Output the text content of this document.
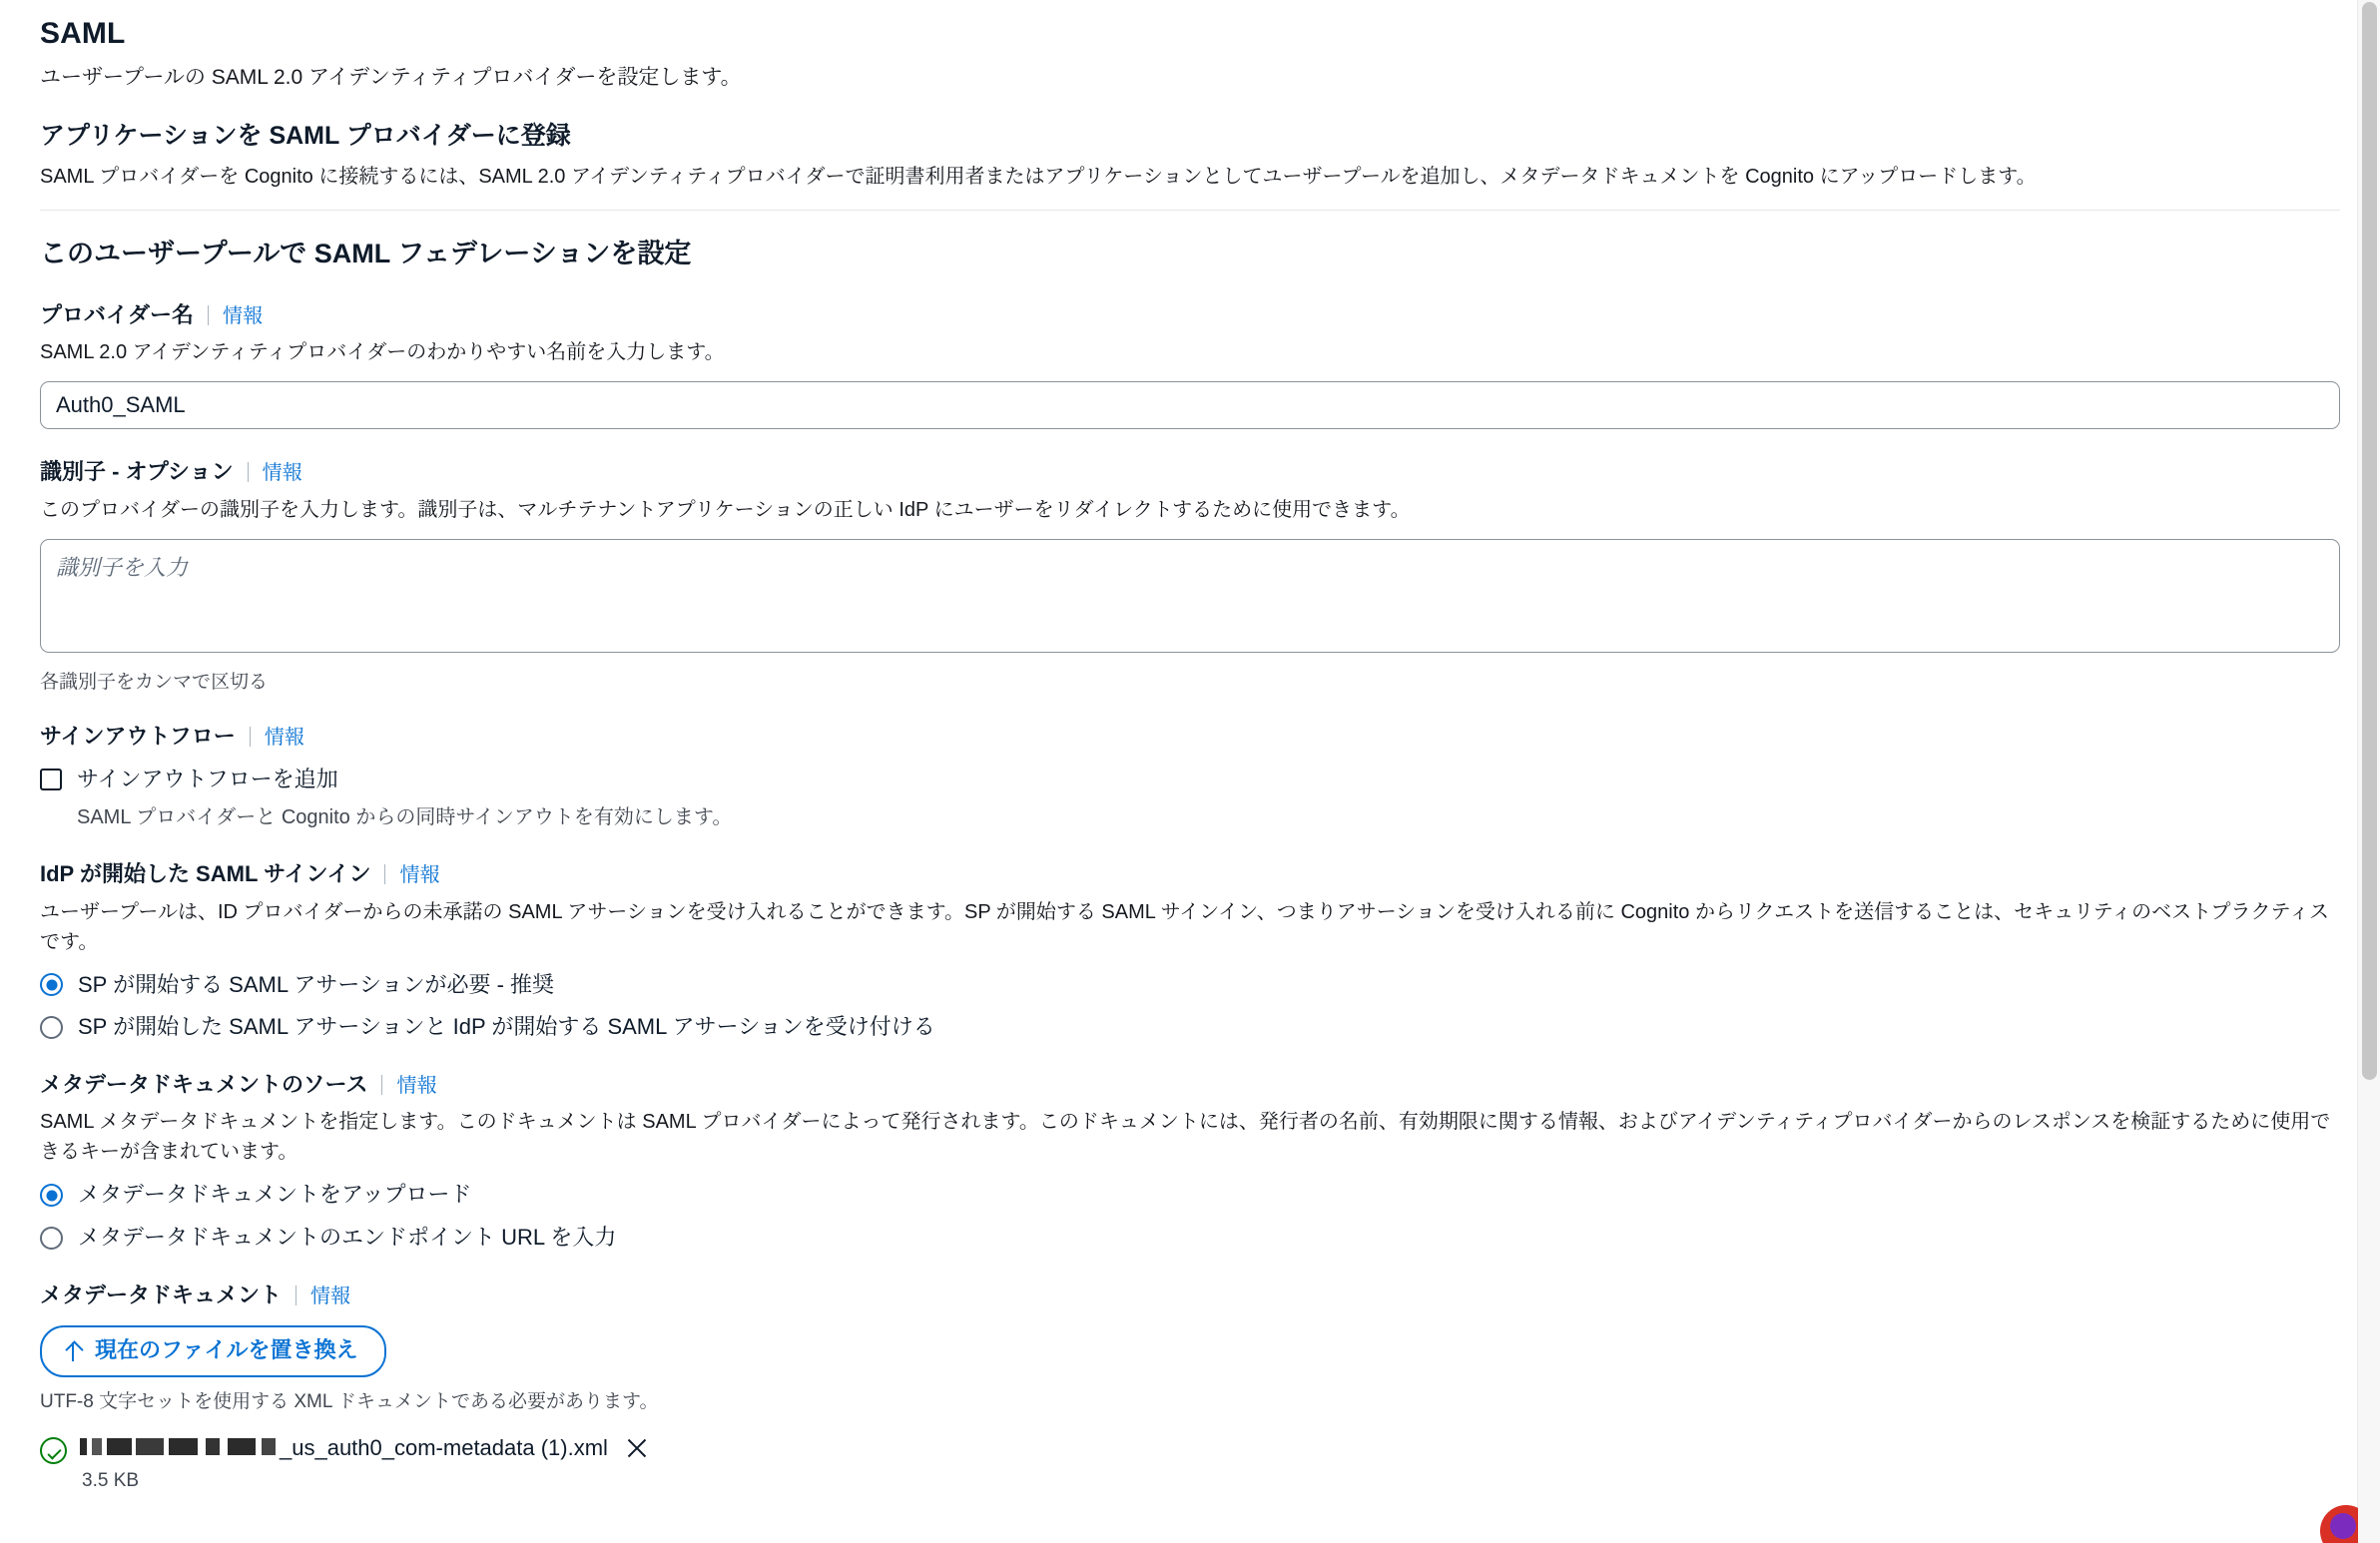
SAML

ユーザープールの SAML 2.0 アイデンティティプロバイダーを設定します。

アプリケーションを SAML プロバイダーに登録
SAML プロバイダーを Cognito に接続するには、SAML 2.0 アイデンティティプロバイダーで証明書利用者またはアプリケーションとしてユーザープールを追加し、メタデータドキュメントを Cognito にアップロードします。
このユーザープールで SAML フェデレーションを設定
プロバイダー名 情報
SAML 2.0 アイデンティティプロバイダーのわかりやすい名前を入力します。
Auth0_SAML
識別子 - オプション 情報
このプロバイダーの識別子を入力します。識別子は、マルチテナントアプリケーションの正しい IdP にユーザーをリダイレクトするために使用できます。
識別子を入力
各識別子をカンマで区切る
サインアウトフロー 情報
サインアウトフローを追加
SAML プロバイダーと Cognito からの同時サインアウトを有効にします。
IdP が開始した SAML サインイン 情報
ユーザープールは、ID プロバイダーからの未承諾の SAML アサーションを受け入れることができます。SP が開始する SAML サインイン、つまりアサーションを受け入れる前に Cognito からリクエストを送信することは、セキュリティのベストプラクティスです。
SP が開始する SAML アサーションが必要 - 推奨
SP が開始した SAML アサーションと IdP が開始する SAML アサーションを受け付ける
メタデータドキュメントのソース 情報
SAML メタデータドキュメントを指定します。このドキュメントは SAML プロバイダーによって発行されます。このドキュメントには、発行者の名前、有効期限に関する情報、およびアイデンティティプロバイダーからのレスポンスを検証するために使用できるキーが含まれています。
メタデータドキュメントをアップロード
メタデータドキュメントのエンドポイント URL を入力
メタデータドキュメント 情報
現在のファイルを置き換え
UTF-8 文字セットを使用する XML ドキュメントである必要があります。
_us_auth0_com-metadata (1).xml
3.5 KB
